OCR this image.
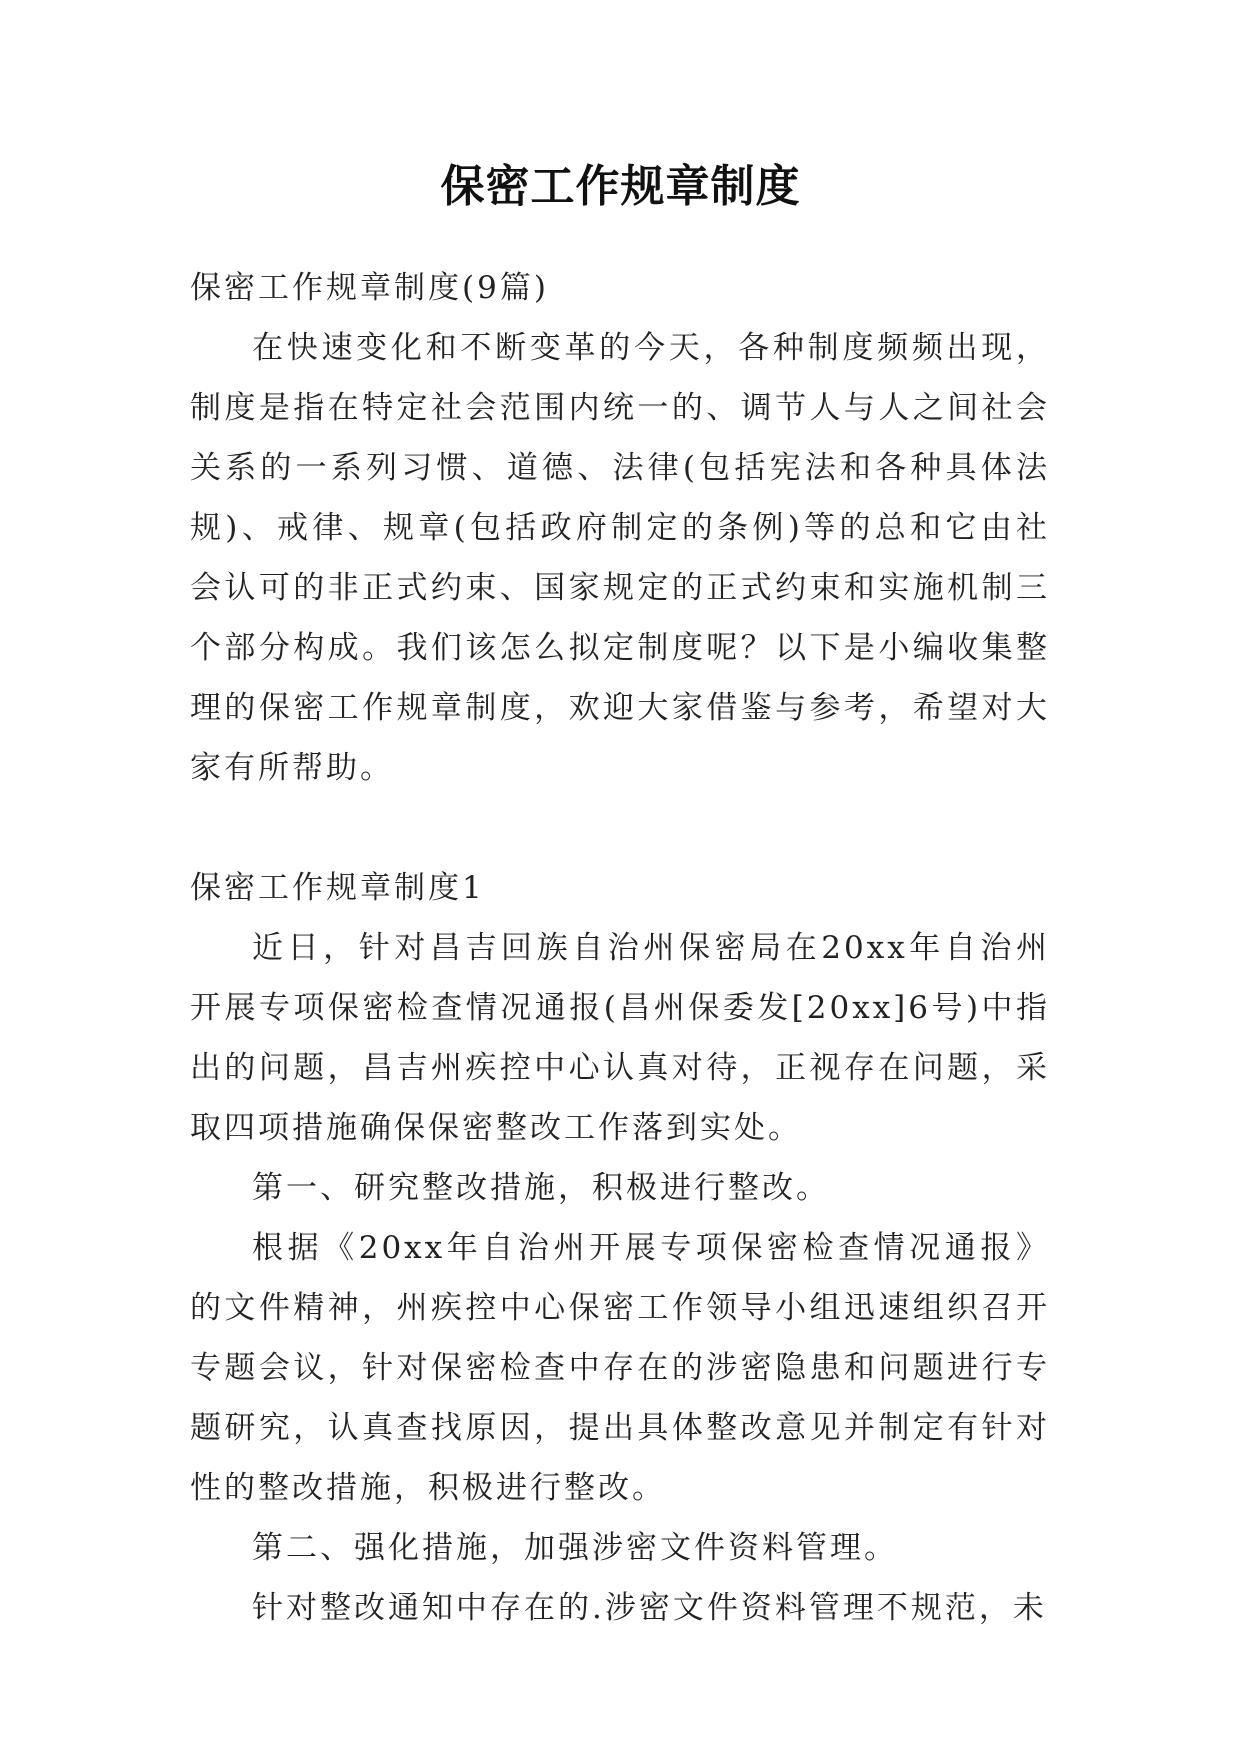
保密工作规章制度

保密工作规章制度(9篇)

在快速变化和不断变革的今天，各种制度频频出现，制度是指在特定社会范围内统一的、调节人与人之间社会关系的一系列习惯、道德、法律(包括宪法和各种具体法规)、戒律、规章(包括政府制定的条例)等的总和它由社会认可的非正式约束、国家规定的正式约束和实施机制三个部分构成。我们该怎么拟定制度呢？以下是小编收集整理的保密工作规章制度，欢迎大家借鉴与参考，希望对大家有所帮助。

保密工作规章制度1

近日，针对昌吉回族自治州保密局在20xx年自治州开展专项保密检查情况通报(昌州保委发[20xx]6号)中指出的问题，昌吉州疾控中心认真对待，正视存在问题，采取四项措施确保保密整改工作落到实处。

第一、研究整改措施，积极进行整改。

根据《20xx年自治州开展专项保密检查情况通报》的文件精神，州疾控中心保密工作领导小组迅速组织召开专题会议，针对保密检查中存在的涉密隐患和问题进行专题研究，认真查找原因，提出具体整改意见并制定有针对性的整改措施，积极进行整改。

第二、强化措施，加强涉密文件资料管理。

针对整改通知中存在的.涉密文件资料管理不规范，未
